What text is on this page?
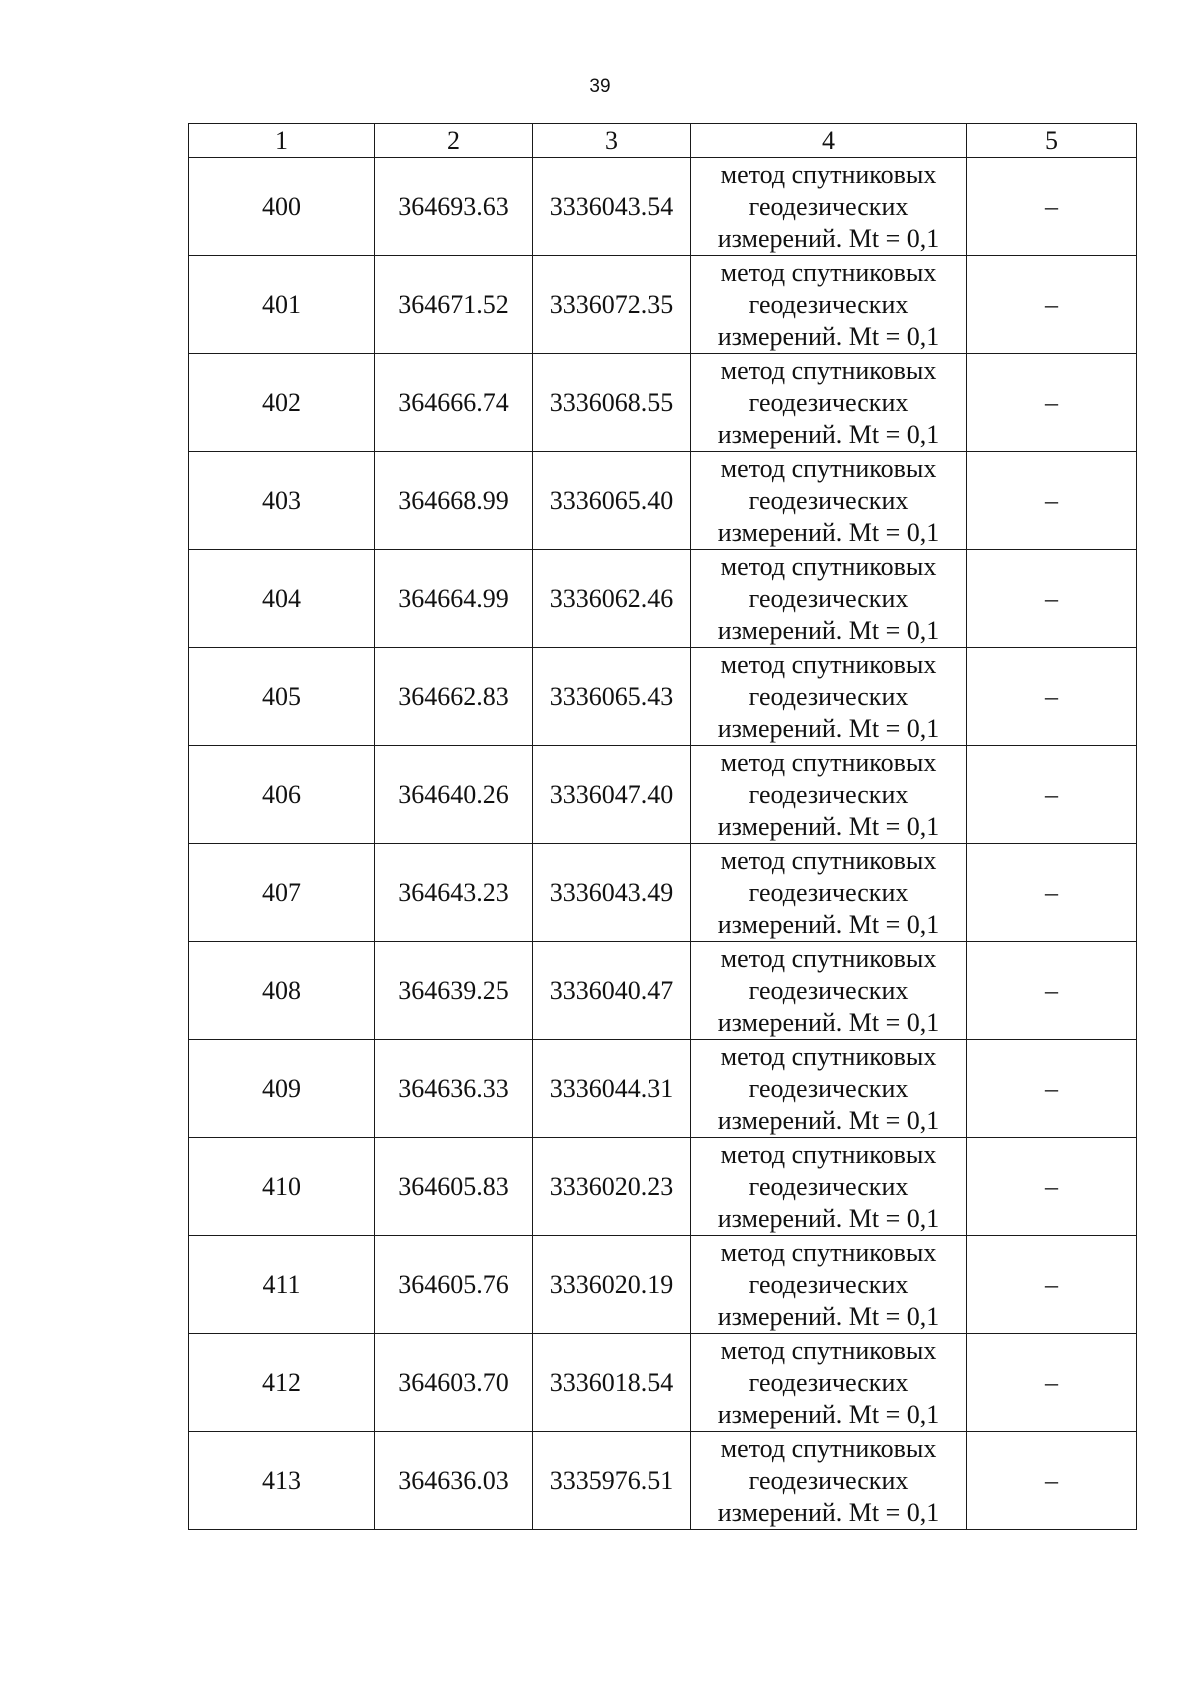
39
1	2	3	4	5
400	364693.63	3336043.54	метод спутниковых
геодезических
измерений. Mt = 0,1	–
401	364671.52	3336072.35	метод спутниковых
геодезических
измерений. Mt = 0,1	–
402	364666.74	3336068.55	метод спутниковых
геодезических
измерений. Mt = 0,1	–
403	364668.99	3336065.40	метод спутниковых
геодезических
измерений. Mt = 0,1	–
404	364664.99	3336062.46	метод спутниковых
геодезических
измерений. Mt = 0,1	–
405	364662.83	3336065.43	метод спутниковых
геодезических
измерений. Mt = 0,1	–
406	364640.26	3336047.40	метод спутниковых
геодезических
измерений. Mt = 0,1	–
407	364643.23	3336043.49	метод спутниковых
геодезических
измерений. Mt = 0,1	–
408	364639.25	3336040.47	метод спутниковых
геодезических
измерений. Mt = 0,1	–
409	364636.33	3336044.31	метод спутниковых
геодезических
измерений. Mt = 0,1	–
410	364605.83	3336020.23	метод спутниковых
геодезических
измерений. Mt = 0,1	–
411	364605.76	3336020.19	метод спутниковых
геодезических
измерений. Mt = 0,1	–
412	364603.70	3336018.54	метод спутниковых
геодезических
измерений. Mt = 0,1	–
413	364636.03	3335976.51	метод спутниковых
геодезических
измерений. Mt = 0,1	–
